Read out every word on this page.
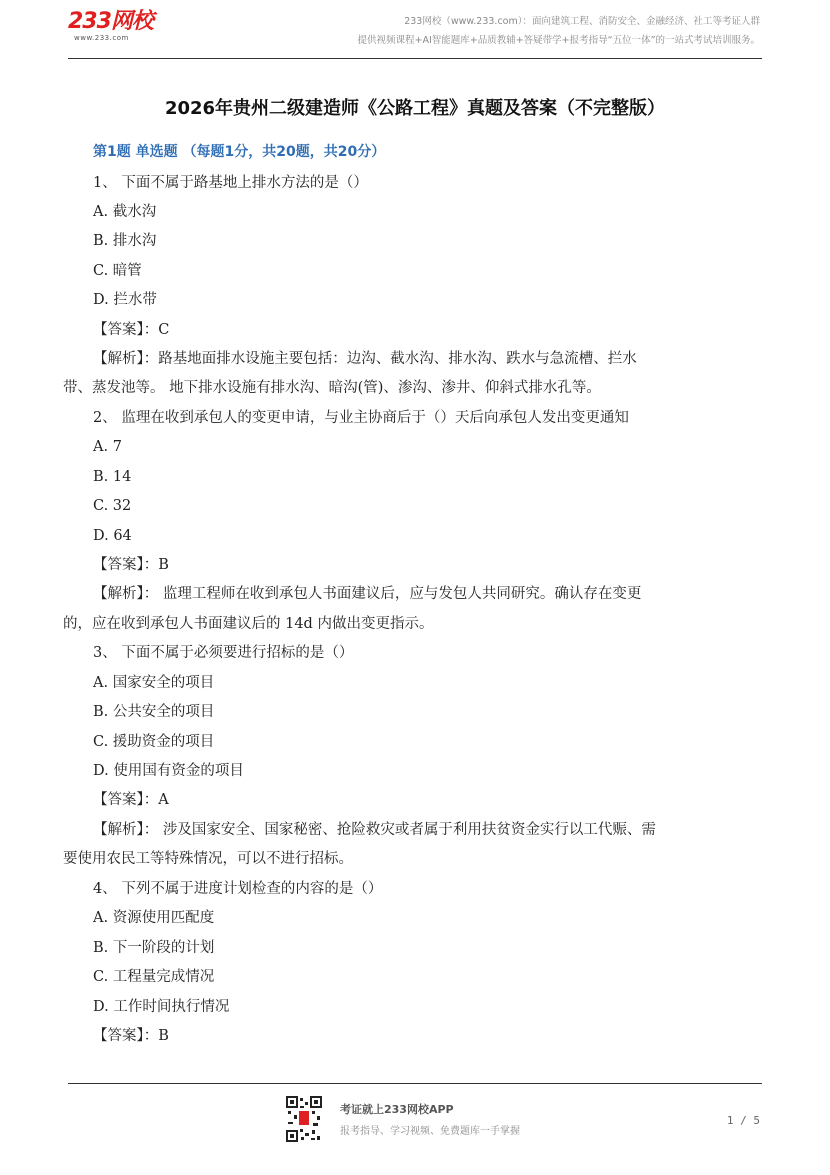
233网校
www.233.com
233网校（www.233.com）：面向建筑工程、消防安全、金融经济、社工等考证人群
提供视频课程+AI智能题库+品质教辅+答疑带学+报考指导“五位一体”的一站式考试培训服务。
2026年贵州二级建造师《公路工程》真题及答案（不完整版）
第1题 单选题 （每题1分，共20题，共20分）
1、 下面不属于路基地上排水方法的是（）
A. 截水沟
B. 排水沟
C. 暗管
D. 拦水带
【答案】：C
【解析】：路基地面排水设施主要包括：边沟、截水沟、排水沟、跌水与急流槽、拦水
带、蒸发池等。 地下排水设施有排水沟、暗沟(管)、渗沟、渗井、仰斜式排水孔等。
2、 监理在收到承包人的变更申请，与业主协商后于（）天后向承包人发出变更通知
A. 7
B. 14
C. 32
D. 64
【答案】：B
【解析】： 监理工程师在收到承包人书面建议后，应与发包人共同研究。确认存在变更
的，应在收到承包人书面建议后的 14d 内做出变更指示。
3、 下面不属于必须要进行招标的是（）
A. 国家安全的项目
B. 公共安全的项目
C. 援助资金的项目
D. 使用国有资金的项目
【答案】：A
【解析】： 涉及国家安全、国家秘密、抢险救灾或者属于利用扶贫资金实行以工代赈、需
要使用农民工等特殊情况，可以不进行招标。
4、 下列不属于进度计划检查的内容的是（）
A. 资源使用匹配度
B. 下一阶段的计划
C. 工程量完成情况
D. 工作时间执行情况
【答案】：B
考证就上233网校APP
报考指导、学习视频、免费题库一手掌握
1 / 5
